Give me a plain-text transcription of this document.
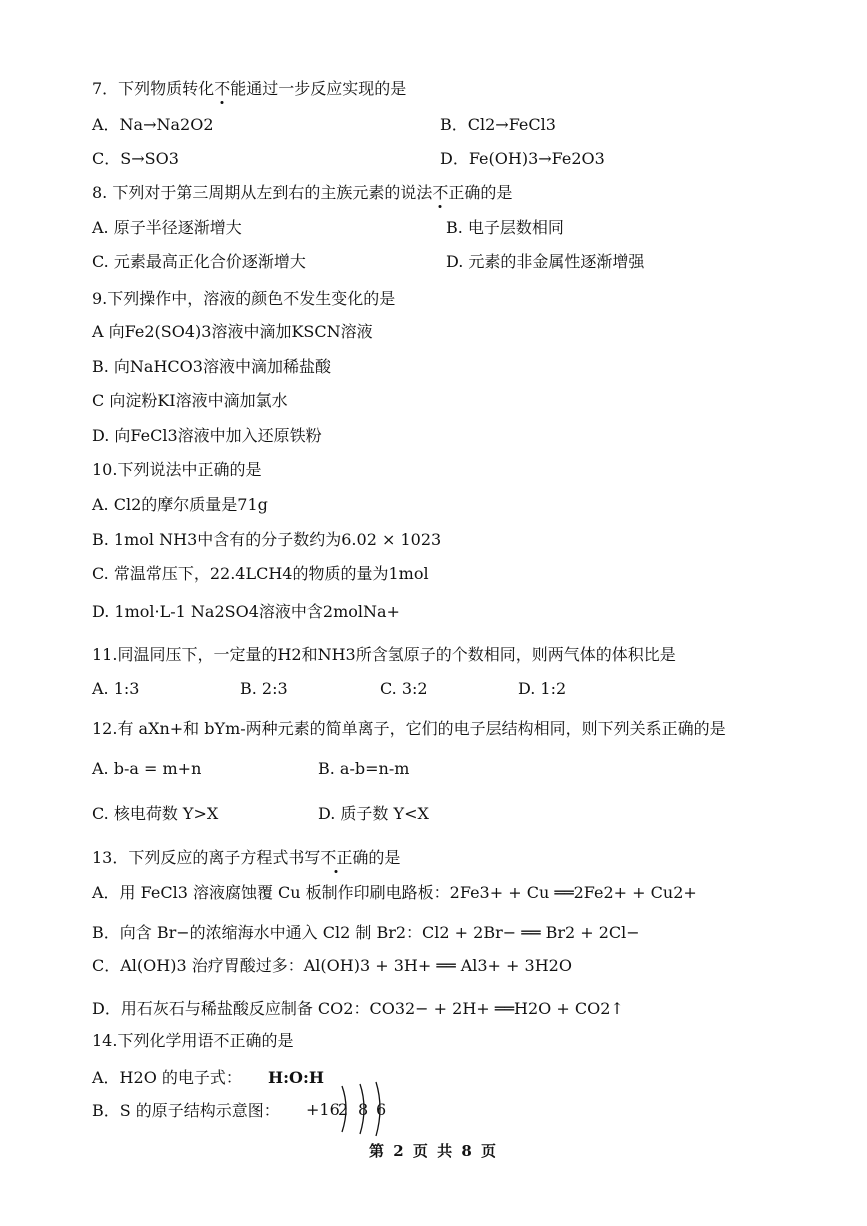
7．下列物质转化不能通过一步反应实现的是
A．Na→Na2O2	B．Cl2→FeCl3
C．S→SO3	D．Fe(OH)3→Fe2O3
8. 下列对于第三周期从左到右的主族元素的说法不正确的是
A. 原子半径逐渐增大	B. 电子层数相同
C. 元素最高正化合价逐渐增大	D. 元素的非金属性逐渐增强
9.下列操作中，溶液的颜色不发生变化的是
A 向Fe2(SO4)3溶液中滴加KSCN溶液
B. 向NaHCO3溶液中滴加稀盐酸
C 向淀粉KI溶液中滴加氯水
D. 向FeCl3溶液中加入还原铁粉
10.下列说法中正确的是
A. Cl2的摩尔质量是71g
B. 1mol NH3中含有的分子数约为6.02 × 1023
C. 常温常压下，22.4LCH4的物质的量为1mol
D. 1mol·L-1 Na2SO4溶液中含2molNa+
11.同温同压下，一定量的H2和NH3所含氢原子的个数相同，则两气体的体积比是
A. 1:3	B. 2:3	C. 3:2	D. 1:2
12.有 aXn+和 bYm-两种元素的简单离子，它们的电子层结构相同，则下列关系正确的是
A. b-a = m+n	B. a-b=n-m
C. 核电荷数 Y>X	D. 质子数 Y<X
13．下列反应的离子方程式书写不正确的是
A．用 FeCl3 溶液腐蚀覆 Cu 板制作印刷电路板：2Fe3+ + Cu ══2Fe2+ + Cu2+
B．向含 Br−的浓缩海水中通入 Cl2 制 Br2：Cl2 + 2Br− ══ Br2 + 2Cl−
C．Al(OH)3 治疗胃酸过多：Al(OH)3 + 3H+ ══ Al3+ + 3H2O
D．用石灰石与稀盐酸反应制备 CO2：CO32− + 2H+ ══H2O + CO2↑
14.下列化学用语不正确的是
A．H2O 的电子式： H:O:H
B．S 的原子结构示意图： +16
2 8 6
第 2 页 共 8 页
